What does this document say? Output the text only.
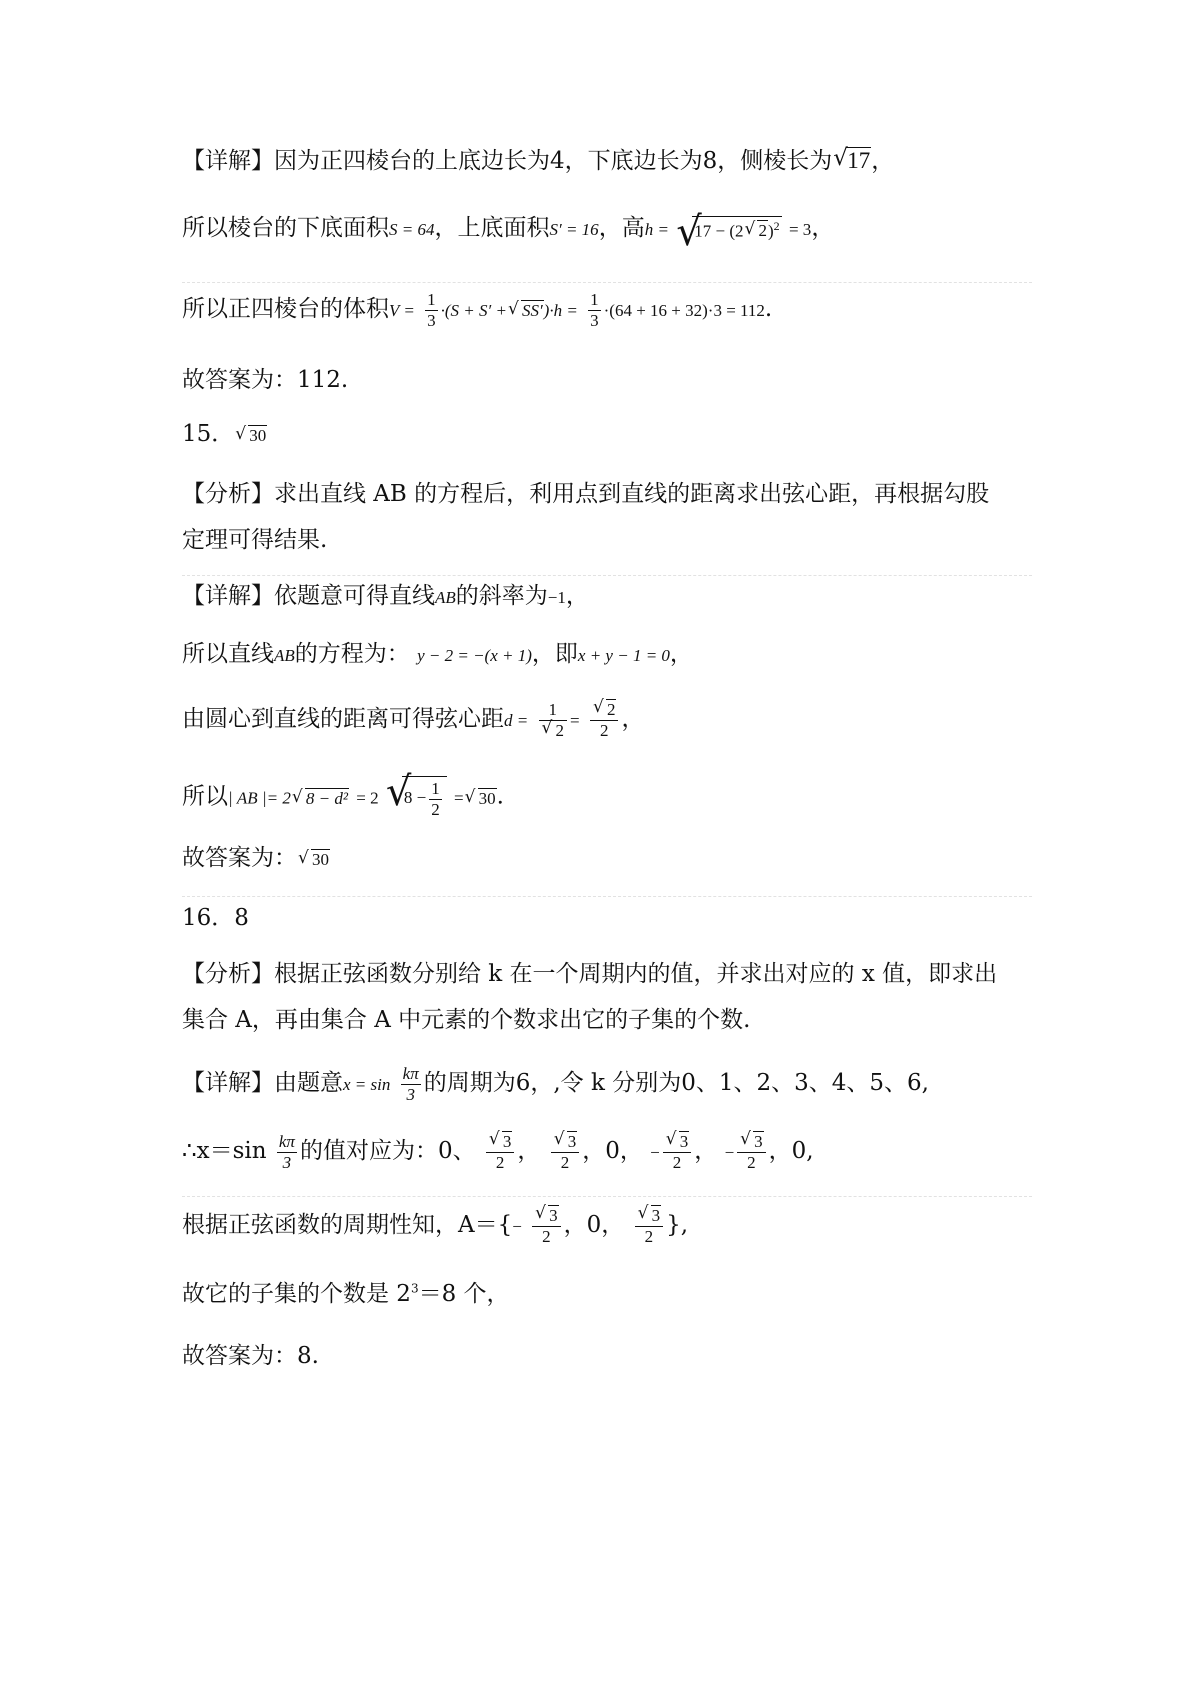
【详解】因为正四棱台的上底边长为4，下底边长为8，侧棱长为 √ 17，
所以棱台的下底面积S = 64，上底面积S′ = 16，高h = √ 17 − (2 √ 2)$^2$ = 3，
所以正四棱台的体积$V = \frac{1}{3} \cdot(S + S'$ + √ $SS')\cdot h = \frac{1}{3} \cdot(64 + 16 + 32)\cdot 3 = 112$.
故答案为：112.
15． √ 30
【分析】求出直线 AB 的方程后，利用点到直线的距离求出弦心距，再根据勾股
定理可得结果.
【详解】依题意可得直线AB的斜率为−1，
所以直线AB的方程为： y − 2 = −(x + 1)，即x + y − 1 = 0，
由圆心到直线的距离可得弦心距d = 1
√ 2 = √ $\frac{2}{2}$ ，
所以| AB |= 2 √ 8 − d² = 2 √ $8 - \frac{1}{2}$ = √ 30.
故答案为： √ 30
16．8
【分析】根据正弦函数分别给 k 在一个周期内的值，并求出对应的 x 值，即求出
集合 A，再由集合 A 中元素的个数求出它的子集的个数.
【详解】由题意$x = \sin \frac{k\pi}{3}$ 的周期为6，,令 k 分别为0、1、2、3、4、5、6,
∴x＝sin $\frac{k\pi}{3}$ 的值对应为：0、 √ $\frac{3}{2}$ ， √ $\frac{3}{2}$ ，0， − √ $\frac{3}{2}$ ， − √ $\frac{3}{2}$ ，0,
根据正弦函数的周期性知，A＝{− √ $\frac{3}{2}$ ，0， √ $\frac{3}{2}$ },
故它的子集的个数是 $2^3=8$ 个，
故答案为：8.
